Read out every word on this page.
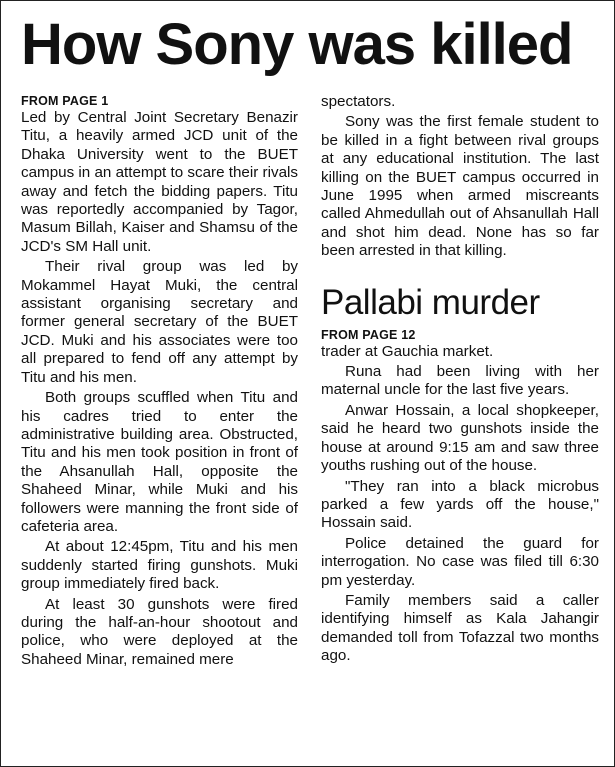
How Sony was killed
FROM PAGE 1

Led by Central Joint Secretary Benazir Titu, a heavily armed JCD unit of the Dhaka University went to the BUET campus in an attempt to scare their rivals away and fetch the bidding papers. Titu was reportedly accompanied by Tagor, Masum Billah, Kaiser and Shamsu of the JCD's SM Hall unit.

Their rival group was led by Mokammel Hayat Muki, the central assistant organising secretary and former general secretary of the BUET JCD. Muki and his associates were too all prepared to fend off any attempt by Titu and his men.

Both groups scuffled when Titu and his cadres tried to enter the administrative building area. Obstructed, Titu and his men took position in front of the Ahsanullah Hall, opposite the Shaheed Minar, while Muki and his followers were manning the front side of cafeteria area.

At about 12:45pm, Titu and his men suddenly started firing gunshots. Muki group immediately fired back.

At least 30 gunshots were fired during the half-an-hour shootout and police, who were deployed at the Shaheed Minar, remained mere

spectators.

Sony was the first female student to be killed in a fight between rival groups at any educational institution. The last killing on the BUET campus occurred in June 1995 when armed miscreants called Ahmedullah out of Ahsanullah Hall and shot him dead. None has so far been arrested in that killing.

Pallabi murder
FROM PAGE 12

trader at Gauchia market.

Runa had been living with her maternal uncle for the last five years.

Anwar Hossain, a local shopkeeper, said he heard two gunshots inside the house at around 9:15 am and saw three youths rushing out of the house.

"They ran into a black microbus parked a few yards off the house," Hossain said.

Police detained the guard for interrogation. No case was filed till 6:30 pm yesterday.

Family members said a caller identifying himself as Kala Jahangir demanded toll from Tofazzal two months ago.
